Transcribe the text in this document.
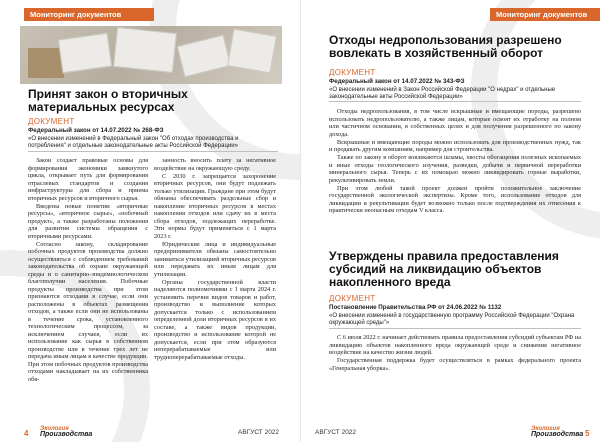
Мониторинг документов
Принят закон о вторичных материальных ресурсах
ДОКУМЕНТ
Федеральный закон от 14.07.2022 № 268-ФЗ
«О внесении изменений в Федеральный закон "Об отходах производства и потребления" и отдельные законодательные акты Российской Федерации»

Закон создает правовые основы для формирования экономики замкнутого цикла, открывает путь для формирования отраслевых стандартов и создания инфраструктуры для сбора и приема вторичных ресурсов и вторичного сырья.

Введены новые понятия: «вторичные ресурсы», «вторичное сырье», «побочный продукт», а также разработаны положения для развития системы обращения с вторичными ресурсами.

Согласно закону, складирование побочных продуктов производства должно осуществляться с соблюдением требований законодательства об охране окружающей среды и о санитарно-эпидемиологическом благополучии населения. Побочные продукты производства при этом признаются отходами в случае, если они расположены в объектах размещения отходов, а также если они не использованы в течение срока, установленного технологическим процессом, за исключением случаев, если их использование как сырья в собственном производстве или в течение трех лет не передача иным лицам в качестве продукции. При этом побочных продуктов производства отходами накладывает на их собственника обя-

занность вносить плату за негативное воздействие на окружающую среду.

С 2030 г. запрещается захоронение вторичных ресурсов, они будут подлежать только утилизации. Граждане при этом будут обязаны обеспечивать раздельные сбор и накопление вторичных ресурсов в местах накопления отходов или сдачу их в места сбора отходов, подлежащих переработке. Эти нормы будут применяться с 1 марта 2023 г.

Юридические лица и индивидуальные предприниматели обязаны самостоятельно заниматься утилизацией вторичных ресурсов или передавать их иным лицам для утилизации.

Органы государственной власти наделяются полномочиями с 1 марта 2024 г. установить перечни видов товаров и работ, производство и выполнение которых допускается только с использованием определенной доли вторичных ресурсов в их составе, а также видов продукции, производство и использование которой не допускается, если при этом образуются неперерабатываемые или трудноперерабатываемые отходы.

4 Экология
Производства	АВГУСТ 2022
Мониторинг документов
Отходы недропользования разрешено вовлекать в хозяйственный оборот
ДОКУМЕНТ
Федеральный закон от 14.07.2022 № 343-ФЗ
«О внесении изменений в Закон Российской Федерации "О недрах" и отдельные законодательные акты Российской Федерации»

Отходы недропользования, в том числе вскрышные и вмещающие породы, разрешено использовать недропользователю, а также лицам, которые освоят их отработку на полном или частичном основании, в собственных целях и для получения разрешенного по закону дохода.

Вскрышные и вмещающие породы можно использовать для производственных нужд, так и продавать другим компаниям, например для строительства.

Также по закону в оборот вовлекаются шламы, хвосты обогащения полезных ископаемых и иные отходы геологического изучения, разведки, добычи и первичной переработки минерального сырья. Теперь с их помощью можно ликвидировать горные выработки, рекультивировать земли.

При этом любой такой проект должен пройти положительное заключение государственной экологической экспертизы. Кроме того, использование отходов для ликвидации и рекультивации будет возможно только после подтверждения их отнесения к практически неопасным отходам V класса.

Утверждены правила предоставления субсидий на ликвидацию объектов накопленного вреда
ДОКУМЕНТ
Постановление Правительства РФ от 24.06.2022 № 1132
«О внесении изменений в государственную программу Российской Федерации "Охрана окружающей среды"»

С 6 июля 2022 г. начинает действовать правила предоставления субсидий субъектам РФ на ликвидацию объектов накопленного вреда окружающей среде и снижения негативное воздействие на качество жизни людей.

Государственная поддержка будет осуществляться в рамках федерального проекта «Генеральная уборка».

АВГУСТ 2022	Экология
Производства 5
